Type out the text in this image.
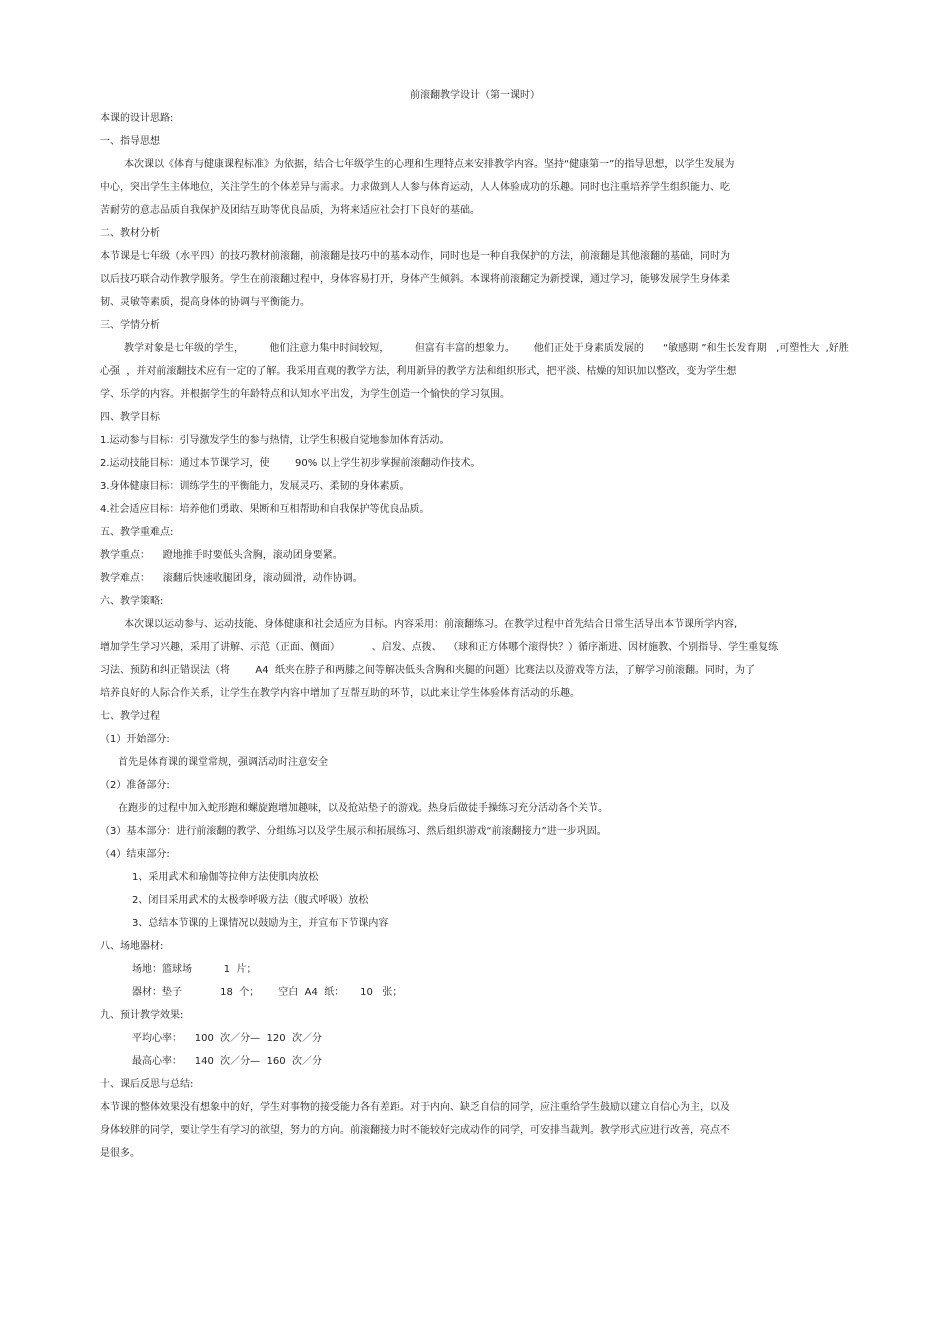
前滚翻教学设计（第一课时）
本课的设计思路:
一、指导思想
本次课以《体育与健康课程标准》为依据，结合七年级学生的心理和生理特点来安排教学内容。坚持“健康第一”的指导思想，以学生发展为
中心，突出学生主体地位，关注学生的个体差异与需求。力求做到人人参与体育运动，人人体验成功的乐趣。同时也注重培养学生组织能力、吃
苦耐劳的意志品质自我保护及团结互助等优良品质，为将来适应社会打下良好的基础。
二、教材分析
本节课是七年级（水平四）的技巧教材前滚翻，前滚翻是技巧中的基本动作，同时也是一种自我保护的方法，前滚翻是其他滚翻的基础，同时为
以后技巧联合动作教学服务。学生在前滚翻过程中，身体容易打开，身体产生倾斜。本课将前滚翻定为新授课，通过学习，能够发展学生身体柔
韧、灵敏等素质，提高身体的协调与平衡能力。
三、学情分析
教学对象是七年级的学生，        他们注意力集中时间较短，        但富有丰富的想象力。      他们正处于身素质发展的      “敏感期 ”和生长发育期   ,可塑性大  ,好胜
心强  ，并对前滚翻技术应有一定的了解。我采用直观的教学方法，利用新异的教学方法和组织形式，把平淡、枯燥的知识加以整改，变为学生想
学、乐学的内容。并根据学生的年龄特点和认知水平出发，为学生创造一个愉快的学习氛围。
四、教学目标
1.运动参与目标：引导激发学生的参与热情，让学生积极自觉地参加体育活动。
2.运动技能目标：通过本节课学习，使        90% 以上学生初步掌握前滚翻动作技术。
3.身体健康目标：训练学生的平衡能力，发展灵巧、柔韧的身体素质。
4.社会适应目标：培养他们勇敢、果断和互相帮助和自我保护等优良品质。
五、教学重难点:
教学重点：    蹬地推手时要低头含胸，滚动团身要紧。
教学难点：    滚翻后快速收腿团身，滚动圆滑，动作协调。
六、教学策略:
本次课以运动参与、运动技能、身体健康和社会适应为目标。内容采用：前滚翻练习。在教学过程中首先结合日常生活导出本节课所学内容,
增加学生学习兴趣，采用了讲解、示范（正面、侧面）          、启发、点拨、  （球和正方体哪个滚得快？）循序渐进、因材施教、个别指导、学生重复练
习法、预防和纠正错误法（将        A4  纸夹在脖子和两膝之间等解决低头含胸和夹腿的问题）比赛法以及游戏等方法，了解学习前滚翻。同时，为了
培养良好的人际合作关系，让学生在教学内容中增加了互帮互助的环节，以此来让学生体验体育活动的乐趣。
七、教学过程
（1）开始部分:
首先是体育课的课堂常规，强调活动时注意安全
（2）准备部分:
在跑步的过程中加入蛇形跑和螺旋跑增加趣味，以及抢站垫子的游戏。热身后做徒手操练习充分活动各个关节。
（3）基本部分：进行前滚翻的教学、分组练习以及学生展示和拓展练习、然后组织游戏“前滚翻接力”进一步巩固。
（4）结束部分:
1、采用武术和瑜伽等拉伸方法使肌肉放松
2、闭目采用武术的太极拳呼吸方法（腹式呼吸）放松
3、总结本节课的上课情况以鼓励为主，并宣布下节课内容
八、场地器材:
场地：篮球场          1  片；
器材：垫子            18  个；      空白  A4  纸：     10   张；
九、预计教学效果:
平均心率：    100  次／分—  120  次／分
最高心率：    140  次／分—  160  次／分
十、课后反思与总结:
本节课的整体效果没有想象中的好，学生对事物的接受能力各有差距。对于内向、缺乏自信的同学，应注重给学生鼓励以建立自信心为主，以及
身体较胖的同学，要让学生有学习的欲望，努力的方向。前滚翻接力时不能较好完成动作的同学，可安排当裁判。教学形式应进行改善，亮点不
是很多。
